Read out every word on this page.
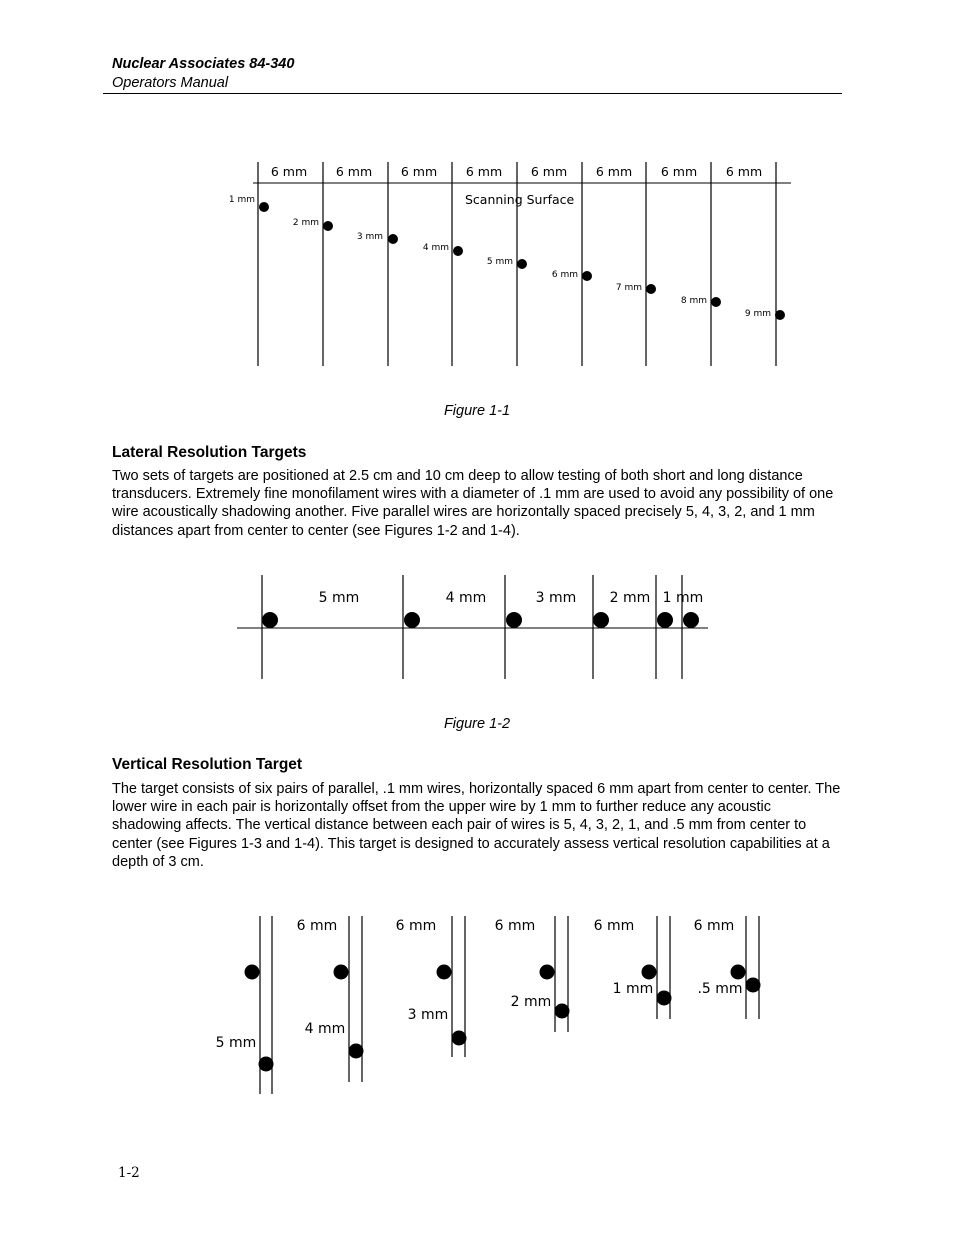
Nuclear Associates 84-340
Operators Manual
6 mm 6 mm 6 mm 6 mm 6 mm 6 mm 6 mm 6 mm
Scanning Surface
1 mm
2 mm
3 mm
4 mm
5 mm
6 mm
7 mm
8 mm
9 mm
5 mm	4 mm	3 mm 2 mm 1 mm
6 mm	6 mm	6 mm	6 mm	6 mm
5 mm
4 mm
3 mm
2 mm
1 mm	.5 mm
Figure 1-1
Lateral Resolution Targets

Two sets of targets are positioned at 2.5 cm and 10 cm deep to allow testing of both short and long distance transducers. Extremely fine monofilament wires with a diameter of .1 mm are used to avoid any possibility of one wire acoustically shadowing another. Five parallel wires are horizontally spaced precisely 5, 4, 3, 2, and 1 mm distances apart from center to center (see Figures 1-2 and 1-4).

Figure 1-2
Vertical Resolution Target

The target consists of six pairs of parallel, .1 mm wires, horizontally spaced 6 mm apart from center to center. The lower wire in each pair is horizontally offset from the upper wire by 1 mm to further reduce any acoustic shadowing affects. The vertical distance between each pair of wires is 5, 4, 3, 2, 1, and .5 mm from center to center (see Figures 1-3 and 1-4). This target is designed to accurately assess vertical resolution capabilities at a depth of 3 cm.

1-2
